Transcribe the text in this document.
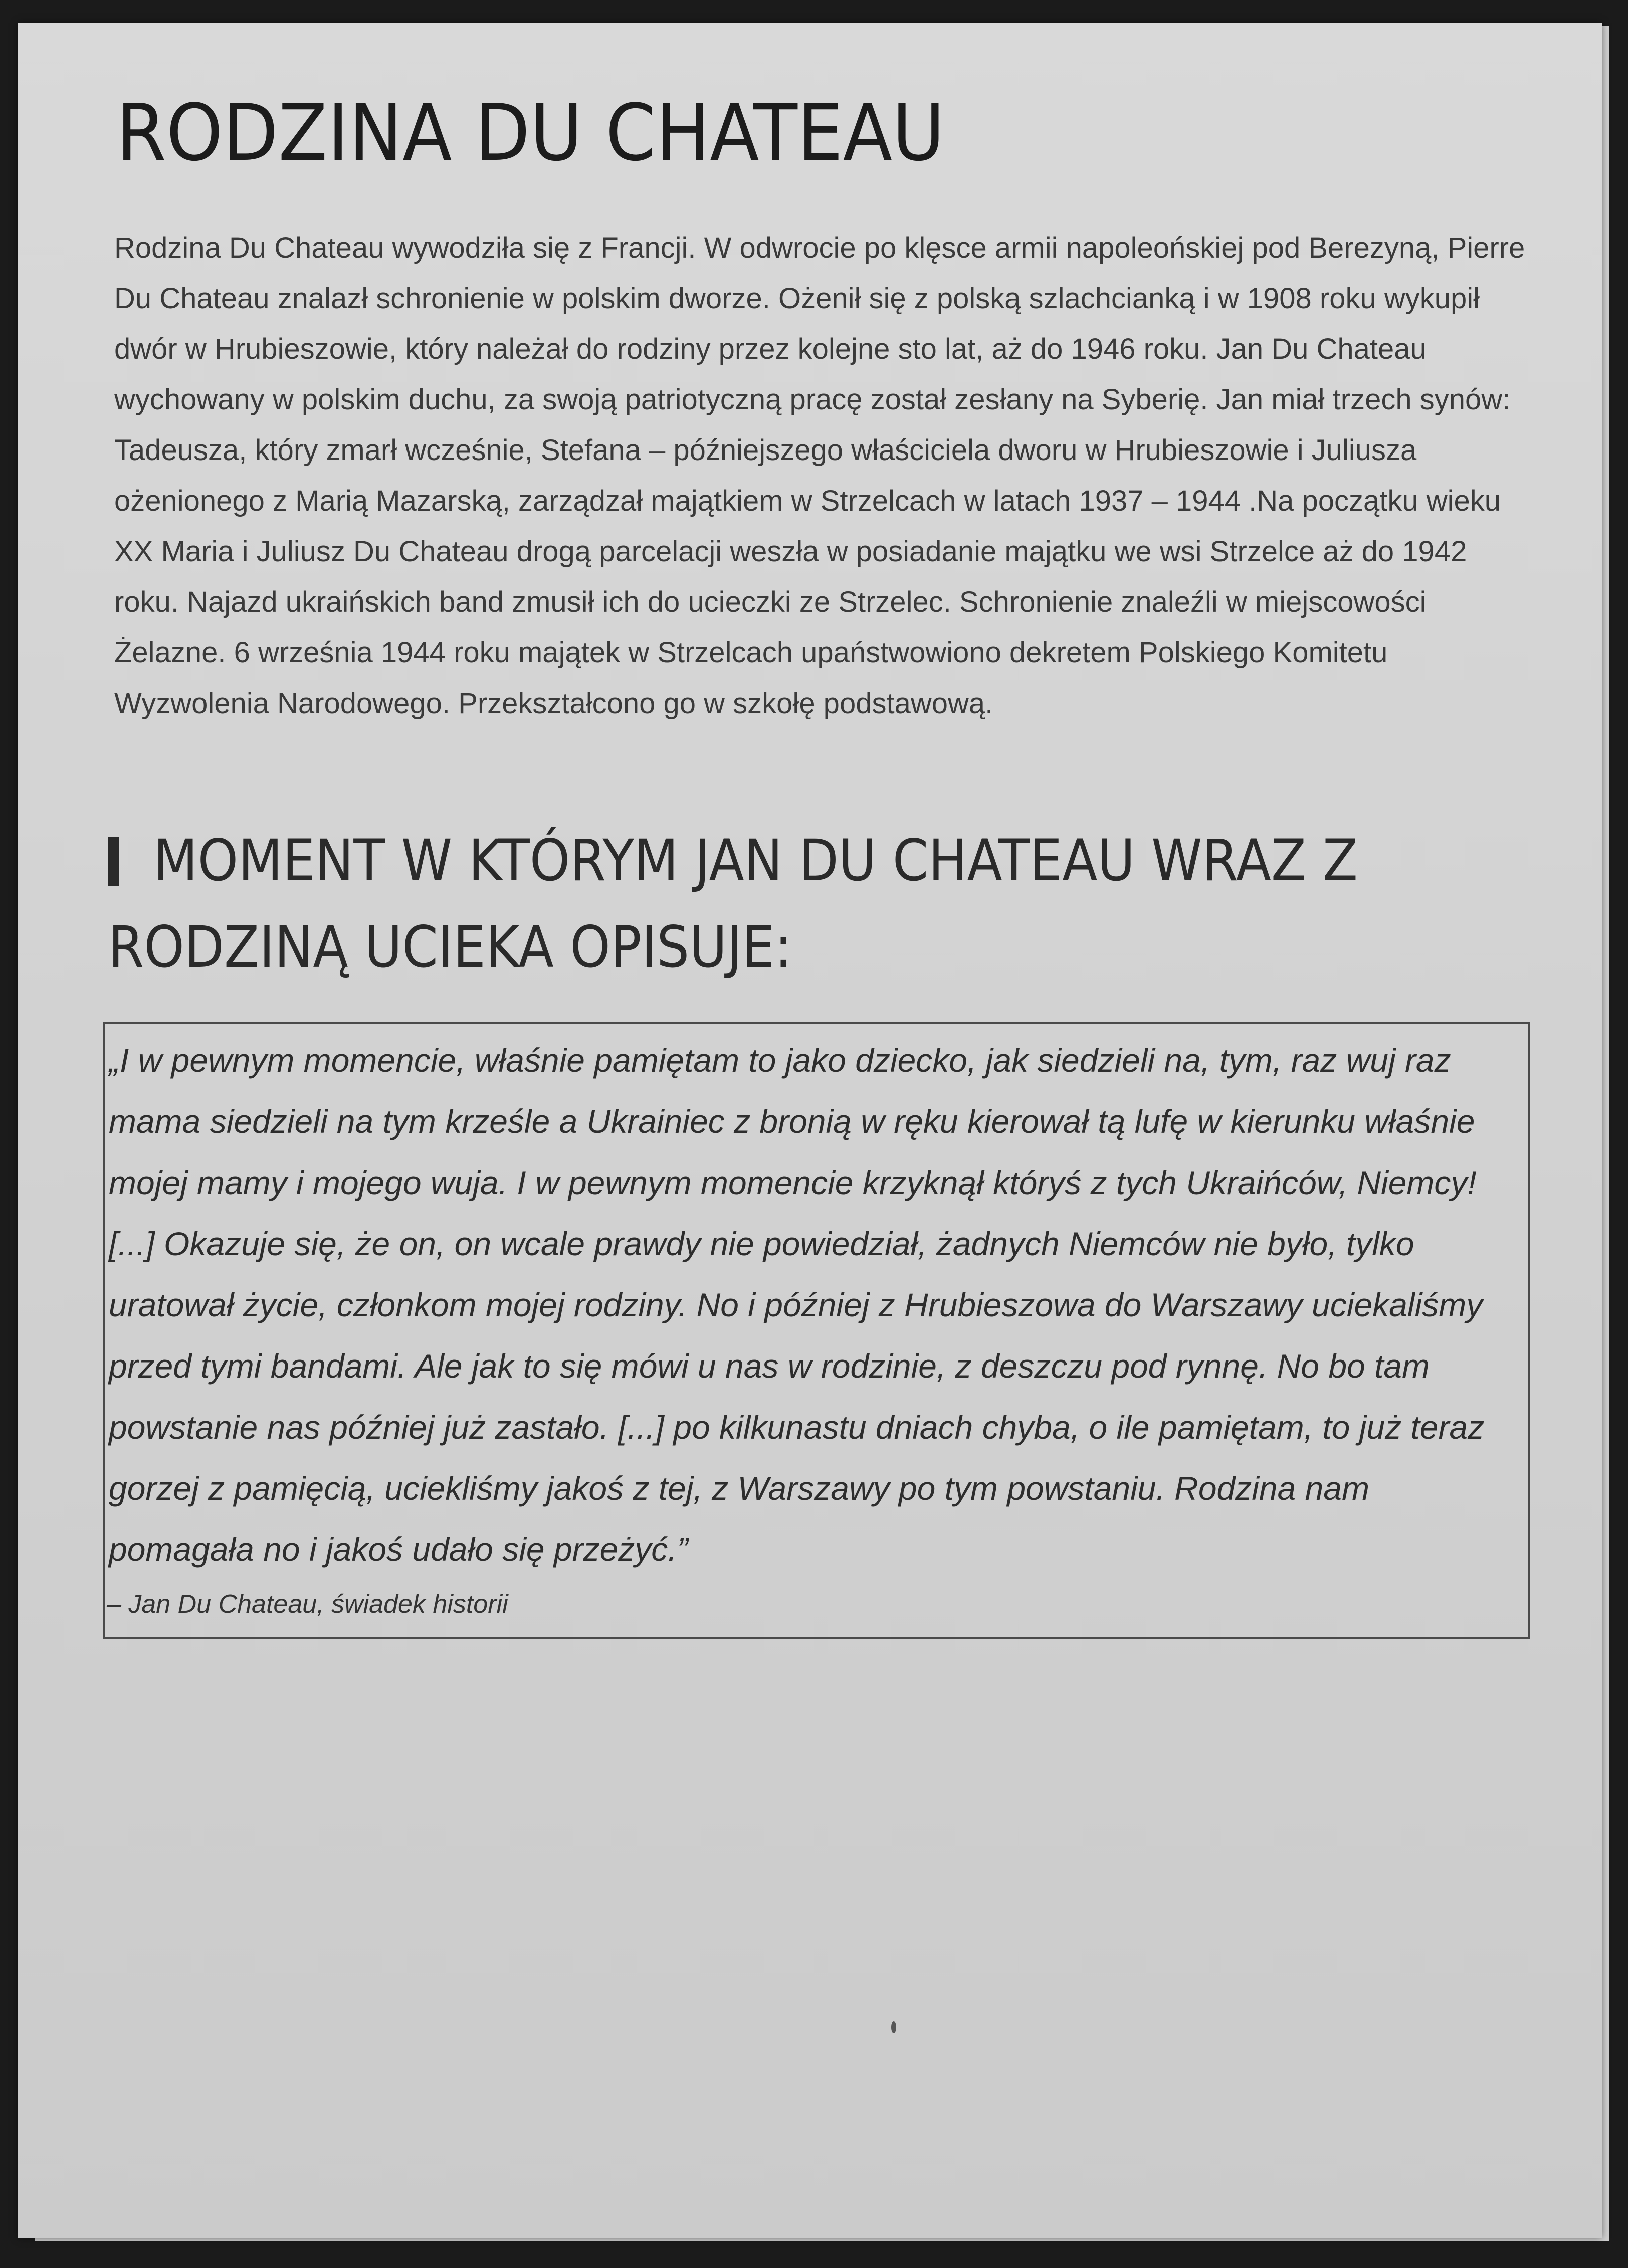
RODZINA DU CHATEAU

Rodzina Du Chateau wywodziła się z Francji. W odwrocie po klęsce armii napoleońskiej pod Berezyną, Pierre Du Chateau znalazł schronienie w polskim dworze. Ożenił się z polską szlachcianką i w 1908 roku wykupił dwór w Hrubieszowie, który należał do rodziny przez kolejne sto lat, aż do 1946 roku. Jan Du Chateau wychowany w polskim duchu, za swoją patriotyczną pracę został zesłany na Syberię. Jan miał trzech synów: Tadeusza, który zmarł wcześnie, Stefana – późniejszego właściciela dworu w Hrubieszowie i Juliusza ożenionego z Marią Mazarską, zarządzał majątkiem w Strzelcach w latach 1937 – 1944 .Na początku wieku XX Maria i Juliusz Du Chateau drogą parcelacji weszła w posiadanie majątku we wsi Strzelce aż do 1942 roku. Najazd ukraińskich band zmusił ich do ucieczki ze Strzelec. Schronienie znaleźli w miejscowości Żelazne. 6 września 1944 roku majątek w Strzelcach upaństwowiono dekretem Polskiego Komitetu Wyzwolenia Narodowego. Przekształcono go w szkołę podstawową.

MOMENT W KTÓRYM JAN DU CHATEAU WRAZ Z RODZINĄ UCIEKA OPISUJE:

„I w pewnym momencie, właśnie pamiętam to jako dziecko, jak siedzieli na, tym, raz wuj raz mama siedzieli na tym krześle a Ukrainiec z bronią w ręku kierował tą lufę w kierunku właśnie mojej mamy i mojego wuja. I w pewnym momencie krzyknął któryś z tych Ukraińców, Niemcy! [...] Okazuje się, że on, on wcale prawdy nie powiedział, żadnych Niemców nie było, tylko uratował życie, członkom mojej rodziny. No i później z Hrubieszowa do Warszawy uciekaliśmy przed tymi bandami. Ale jak to się mówi u nas w rodzinie, z deszczu pod rynnę. No bo tam powstanie nas później już zastało. [...] po kilkunastu dniach chyba, o ile pamiętam, to już teraz gorzej z pamięcią, uciekliśmy jakoś z tej, z Warszawy po tym powstaniu. Rodzina nam pomagała no i jakoś udało się przeżyć.”

– Jan Du Chateau, świadek historii
